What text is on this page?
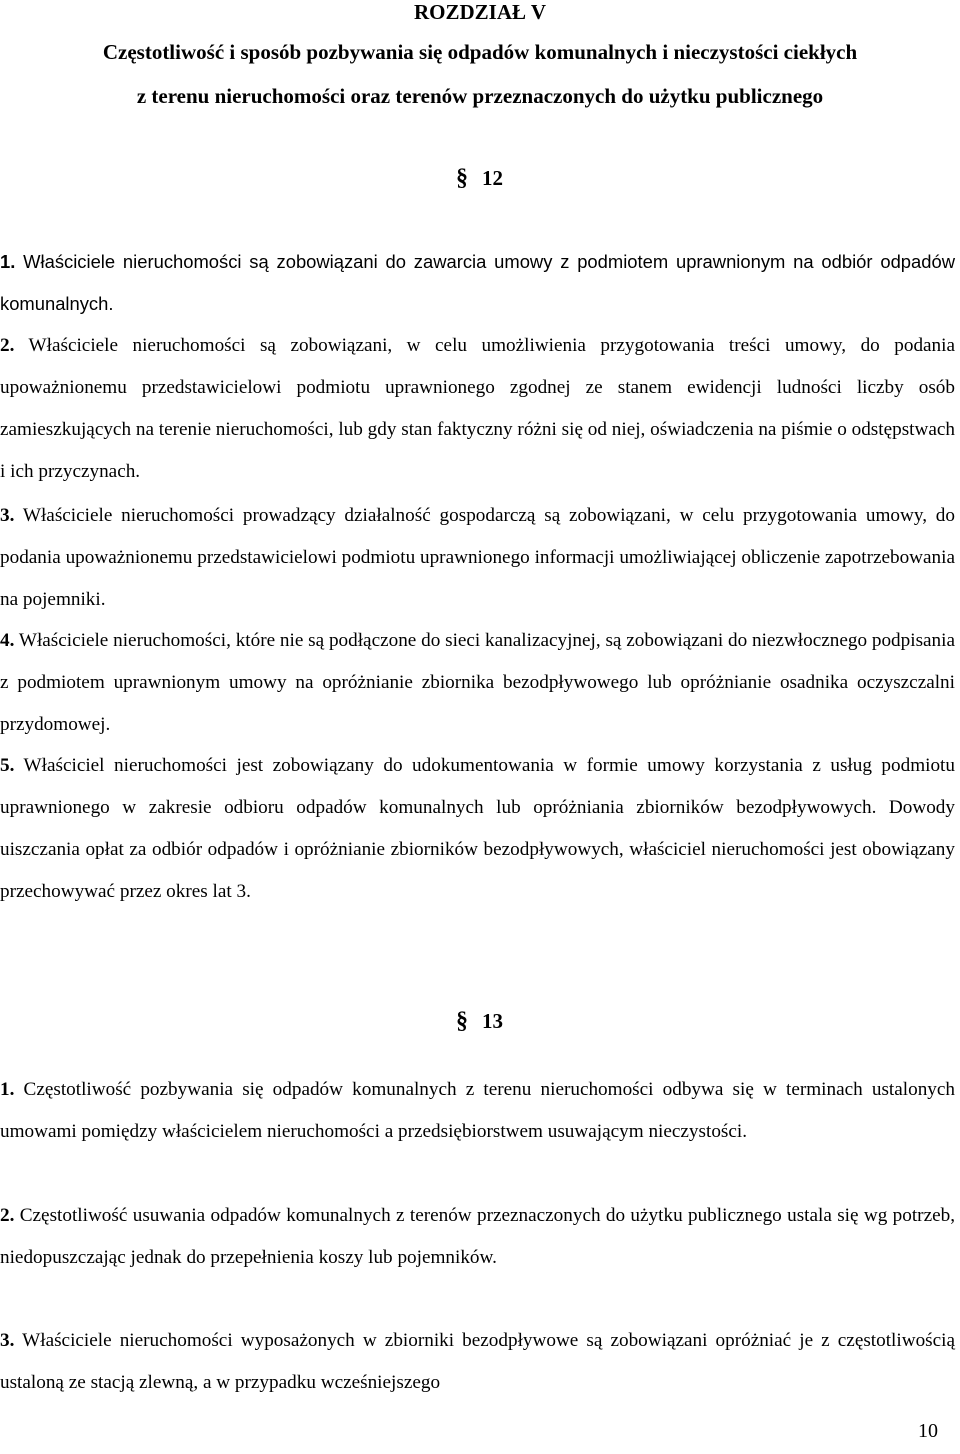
ROZDZIAŁ V
Częstotliwość i sposób pozbywania się odpadów komunalnych i nieczystości ciekłych
z terenu nieruchomości oraz terenów przeznaczonych do użytku publicznego
§ 12
1. Właściciele nieruchomości są zobowiązani do zawarcia umowy z podmiotem uprawnionym na odbiór odpadów komunalnych.
2. Właściciele nieruchomości są zobowiązani, w celu umożliwienia przygotowania treści umowy, do podania upoważnionemu przedstawicielowi podmiotu uprawnionego zgodnej ze stanem ewidencji ludności liczby osób zamieszkujących na terenie nieruchomości, lub gdy stan faktyczny różni się od niej, oświadczenia na piśmie o odstępstwach i ich przyczynach.
3. Właściciele nieruchomości prowadzący działalność gospodarczą są zobowiązani, w celu przygotowania umowy, do podania upoważnionemu przedstawicielowi podmiotu uprawnionego informacji umożliwiającej obliczenie zapotrzebowania na pojemniki.
4. Właściciele nieruchomości, które nie są podłączone do sieci kanalizacyjnej, są zobowiązani do niezwłocznego podpisania z podmiotem uprawnionym umowy na opróżnianie zbiornika bezodpływowego lub opróżnianie osadnika oczyszczalni przydomowej.
5. Właściciel nieruchomości jest zobowiązany do udokumentowania w formie umowy korzystania z usług podmiotu uprawnionego w zakresie odbioru odpadów komunalnych lub opróżniania zbiorników bezodpływowych. Dowody uiszczania opłat za odbiór odpadów i opróżnianie zbiorników bezodpływowych, właściciel nieruchomości jest obowiązany przechowywać przez okres lat 3.
§ 13
1. Częstotliwość pozbywania się odpadów komunalnych z terenu nieruchomości odbywa się w terminach ustalonych umowami pomiędzy właścicielem nieruchomości a przedsiębiorstwem usuwającym nieczystości.
2. Częstotliwość usuwania odpadów komunalnych z terenów przeznaczonych do użytku publicznego ustala się wg potrzeb, niedopuszczając jednak do przepełnienia koszy lub pojemników.
3. Właściciele nieruchomości wyposażonych w zbiorniki bezodpływowe są zobowiązani opróżniać je z częstotliwością ustaloną ze stacją zlewną, a w przypadku wcześniejszego
10
